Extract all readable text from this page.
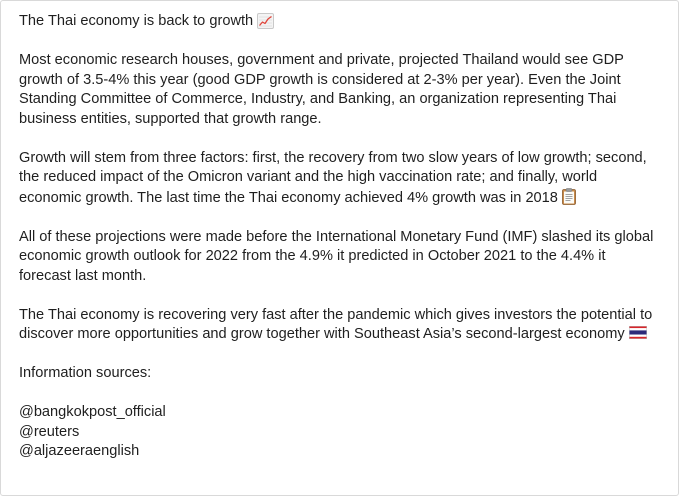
The Thai economy is back to growth

Most economic research houses, government and private, projected Thailand would see GDP growth of 3.5-4% this year (good GDP growth is considered at 2-3% per year). Even the Joint Standing Committee of Commerce, Industry, and Banking, an organization representing Thai business entities, supported that growth range.

Growth will stem from three factors: first, the recovery from two slow years of low growth; second, the reduced impact of the Omicron variant and the high vaccination rate; and finally, world economic growth. The last time the Thai economy achieved 4% growth was in 2018

All of these projections were made before the International Monetary Fund (IMF) slashed its global economic growth outlook for 2022 from the 4.9% it predicted in October 2021 to the 4.4% it forecast last month.

The Thai economy is recovering very fast after the pandemic which gives investors the potential to discover more opportunities and grow together with Southeast Asia’s second-largest economy

Information sources:

@bangkokpost_official
@reuters
@aljazeeraenglish
